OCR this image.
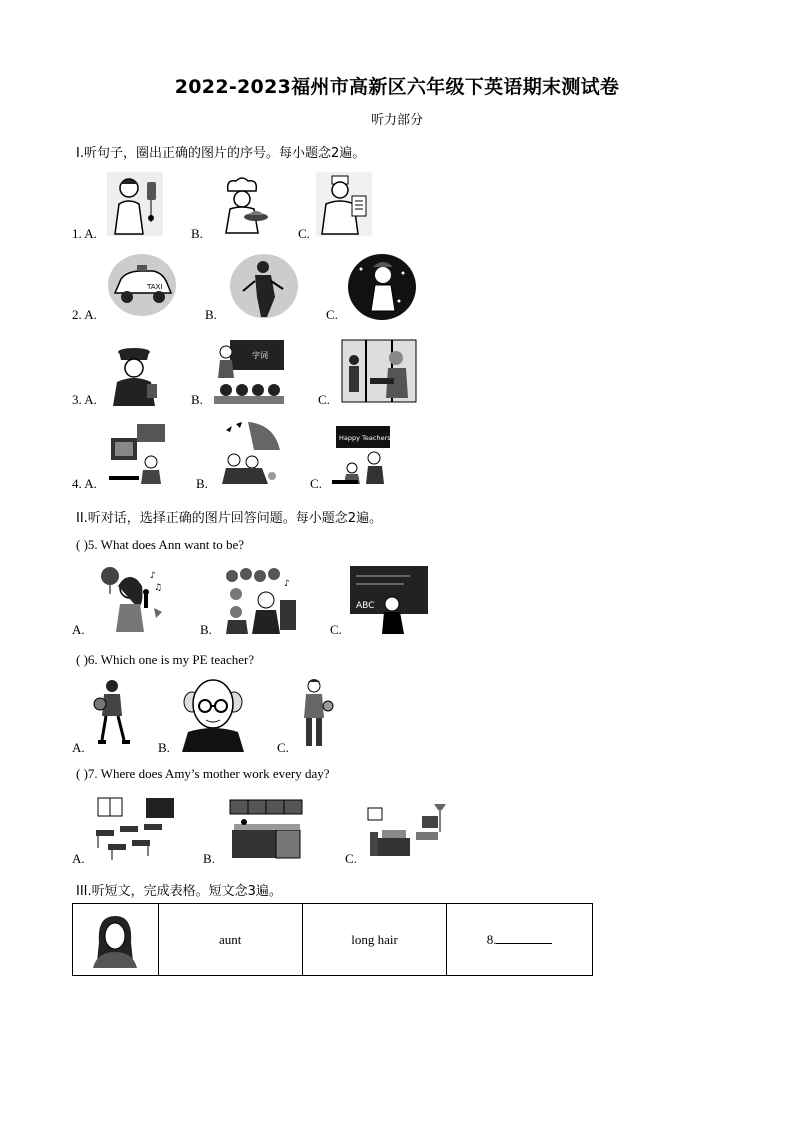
2022-2023福州市高新区六年级下英语期末测试卷
听力部分
I.听句子，圈出正确的图片的序号。每小题念2遍。
1. A.	B.	C.
2. A.
TAXI
B.	C.
3. A.	B.
字词
C.
4. A.	B.	C.
Happy Teachers' Day!
II.听对话，选择正确的图片回答问题。每小题念2遍。
( )5. What does Ann want to be?
A.
♪
♫
B.
♪
C.
ABC
( )6. Which one is my PE teacher?
A.	B.	C.
( )7. Where does Amy’s mother work every day?
A.	B.	C.
III.听短文，完成表格。短文念3遍。
	aunt	long hair	8.
